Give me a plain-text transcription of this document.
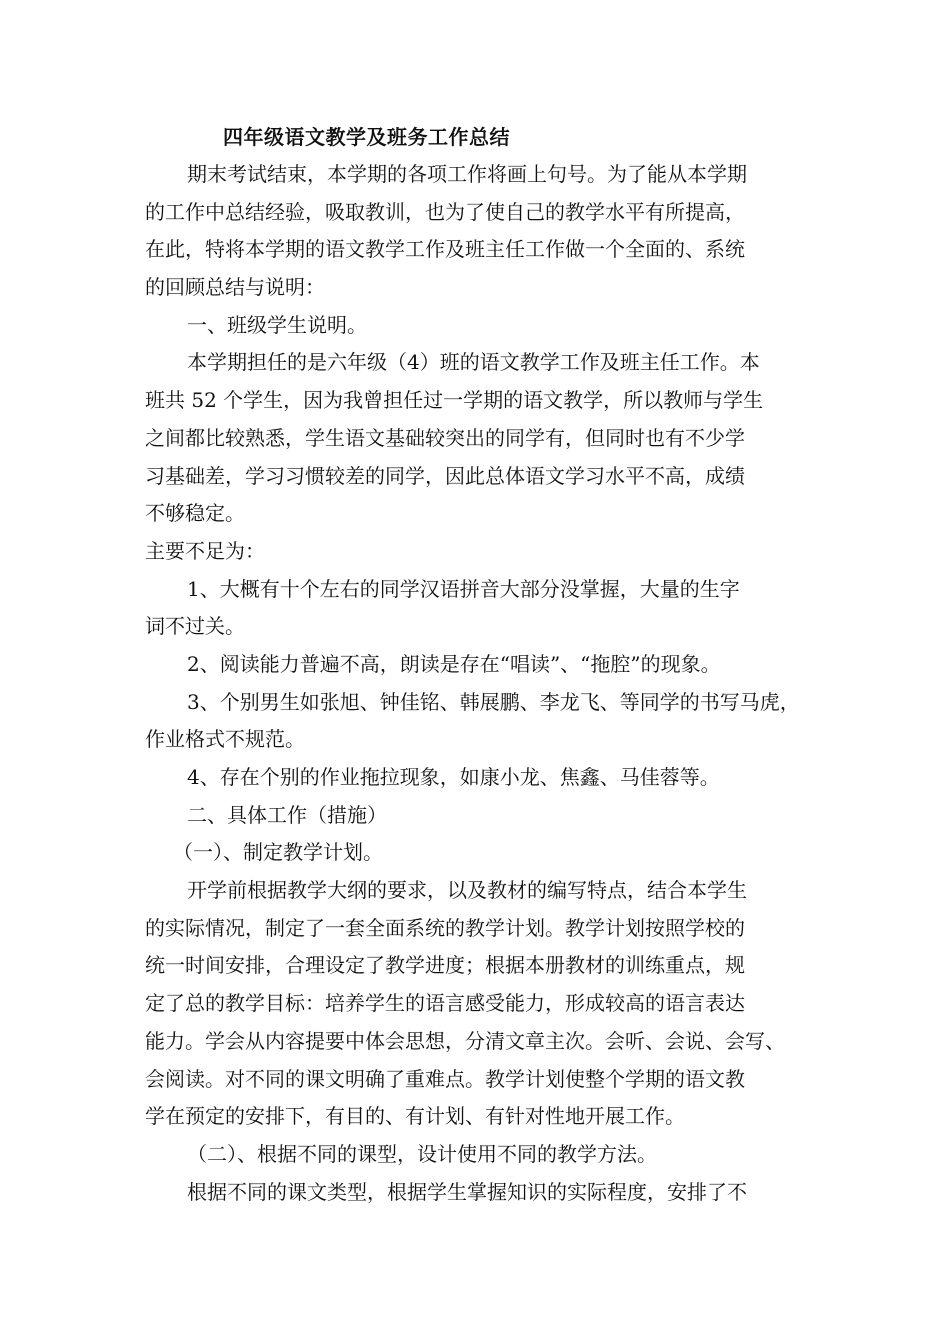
四年级语文教学及班务工作总结
期末考试结束，本学期的各项工作将画上句号。为了能从本学期
的工作中总结经验，吸取教训，也为了使自己的教学水平有所提高，
在此，特将本学期的语文教学工作及班主任工作做一个全面的、系统
的回顾总结与说明：
一、班级学生说明。
本学期担任的是六年级（4）班的语文教学工作及班主任工作。本
班共 52 个学生，因为我曾担任过一学期的语文教学，所以教师与学生
之间都比较熟悉，学生语文基础较突出的同学有，但同时也有不少学
习基础差，学习习惯较差的同学，因此总体语文学习水平不高，成绩
不够稳定。
主要不足为：
1、大概有十个左右的同学汉语拼音大部分没掌握，大量的生字
词不过关。
2、阅读能力普遍不高，朗读是存在“唱读”、“拖腔”的现象。
3、个别男生如张旭、钟佳铭、韩展鹏、李龙飞、等同学的书写马虎，
作业格式不规范。
4、存在个别的作业拖拉现象，如康小龙、焦鑫、马佳蓉等。
二、具体工作（措施）
（一）、制定教学计划。
开学前根据教学大纲的要求，以及教材的编写特点，结合本学生
的实际情况，制定了一套全面系统的教学计划。教学计划按照学校的
统一时间安排，合理设定了教学进度；根据本册教材的训练重点，规
定了总的教学目标：培养学生的语言感受能力，形成较高的语言表达
能力。学会从内容提要中体会思想，分清文章主次。会听、会说、会写、
会阅读。对不同的课文明确了重难点。教学计划使整个学期的语文教
学在预定的安排下，有目的、有计划、有针对性地开展工作。
（二）、根据不同的课型，设计使用不同的教学方法。
根据不同的课文类型，根据学生掌握知识的实际程度，安排了不
